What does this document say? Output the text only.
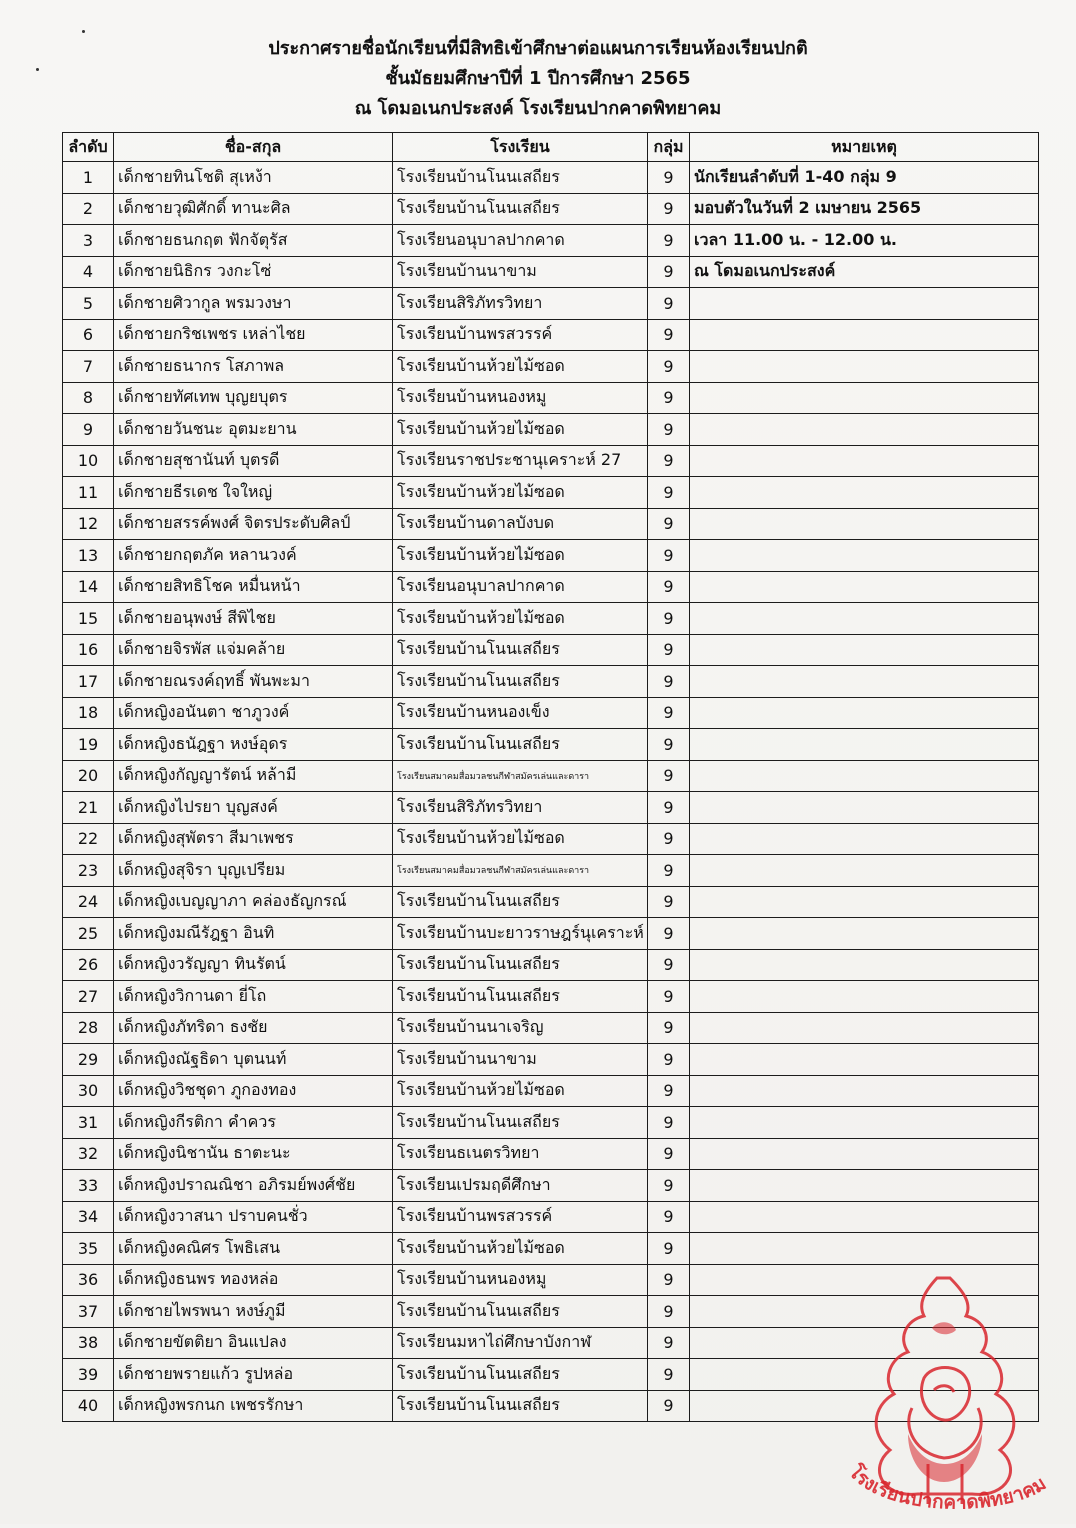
ประกาศรายชื่อนักเรียนที่มีสิทธิเข้าศึกษาต่อแผนการเรียนห้องเรียนปกติ
ชั้นมัธยมศึกษาปีที่ 1 ปีการศึกษา 2565
ณ โดมอเนกประสงค์ โรงเรียนปากคาดพิทยาคม
ลำดับ	ชื่อ-สกุล	โรงเรียน	กลุ่ม	หมายเหตุ
1	เด็กชายทินโชติ สุเหง้า	โรงเรียนบ้านโนนเสถียร	9	นักเรียนลำดับที่ 1-40 กลุ่ม 9
2	เด็กชายวุฒิศักดิ์ ทานะศิล	โรงเรียนบ้านโนนเสถียร	9	มอบตัวในวันที่ 2 เมษายน 2565
3	เด็กชายธนกฤต ฟักจัตุรัส	โรงเรียนอนุบาลปากคาด	9	เวลา 11.00 น. - 12.00 น.
4	เด็กชายนิธิกร วงกะโซ่	โรงเรียนบ้านนาขาม	9	ณ โดมอเนกประสงค์
5	เด็กชายศิวากูล พรมวงษา	โรงเรียนสิริภัทรวิทยา	9	
6	เด็กชายกริชเพชร เหล่าไชย	โรงเรียนบ้านพรสวรรค์	9	
7	เด็กชายธนากร โสภาพล	โรงเรียนบ้านห้วยไม้ซอด	9	
8	เด็กชายทัศเทพ บุญยบุตร	โรงเรียนบ้านหนองหมู	9	
9	เด็กชายวันชนะ อุตมะยาน	โรงเรียนบ้านห้วยไม้ซอด	9	
10	เด็กชายสุชานันท์ บุตรดี	โรงเรียนราชประชานุเคราะห์ 27	9	
11	เด็กชายธีรเดช ใจใหญ่	โรงเรียนบ้านห้วยไม้ซอด	9	
12	เด็กชายสรรค์พงศ์ จิตรประดับศิลป์	โรงเรียนบ้านดาลบังบด	9	
13	เด็กชายกฤตภัค หลานวงค์	โรงเรียนบ้านห้วยไม้ซอด	9	
14	เด็กชายสิทธิโชค หมื่นหน้า	โรงเรียนอนุบาลปากคาด	9	
15	เด็กชายอนุพงษ์ สีพิไชย	โรงเรียนบ้านห้วยไม้ซอด	9	
16	เด็กชายจิรพัส แจ่มคล้าย	โรงเรียนบ้านโนนเสถียร	9	
17	เด็กชายณรงค์ฤทธิ์ พันพะมา	โรงเรียนบ้านโนนเสถียร	9	
18	เด็กหญิงอนันตา ชาภูวงค์	โรงเรียนบ้านหนองเข็ง	9	
19	เด็กหญิงธนัฎฐา หงษ์อุดร	โรงเรียนบ้านโนนเสถียร	9	
20	เด็กหญิงกัญญารัตน์ หล้ามี	โรงเรียนสมาคมสื่อมวลชนกีฬาสมัครเล่นและดารา	9	
21	เด็กหญิงไปรยา บุญสงค์	โรงเรียนสิริภัทรวิทยา	9	
22	เด็กหญิงสุพัตรา สีมาเพชร	โรงเรียนบ้านห้วยไม้ซอด	9	
23	เด็กหญิงสุจิรา บุญเปรียม	โรงเรียนสมาคมสื่อมวลชนกีฬาสมัครเล่นและดารา	9	
24	เด็กหญิงเบญญาภา คล่องธัญกรณ์	โรงเรียนบ้านโนนเสถียร	9	
25	เด็กหญิงมณีรัฎฐา อินทิ	โรงเรียนบ้านบะยาวราษฎร์นุเคราะห์	9	
26	เด็กหญิงวรัญญา ทินรัตน์	โรงเรียนบ้านโนนเสถียร	9	
27	เด็กหญิงวิกานดา ยี่โถ	โรงเรียนบ้านโนนเสถียร	9	
28	เด็กหญิงภัทริดา ธงชัย	โรงเรียนบ้านนาเจริญ	9	
29	เด็กหญิงณัฐธิดา บุตนนท์	โรงเรียนบ้านนาขาม	9	
30	เด็กหญิงวิชชุดา ภูกองทอง	โรงเรียนบ้านห้วยไม้ซอด	9	
31	เด็กหญิงกีรติกา คำควร	โรงเรียนบ้านโนนเสถียร	9	
32	เด็กหญิงนิชานัน ธาตะนะ	โรงเรียนธเนตรวิทยา	9	
33	เด็กหญิงปราณณิชา อภิรมย์พงศ์ชัย	โรงเรียนเปรมฤดีศึกษา	9	
34	เด็กหญิงวาสนา ปราบคนชั่ว	โรงเรียนบ้านพรสวรรค์	9	
35	เด็กหญิงคณิศร โพธิเสน	โรงเรียนบ้านห้วยไม้ซอด	9	
36	เด็กหญิงธนพร ทองหล่อ	โรงเรียนบ้านหนองหมู	9	
37	เด็กชายไพรพนา หงษ์ภูมี	โรงเรียนบ้านโนนเสถียร	9	
38	เด็กชายขัตติยา อินแปลง	โรงเรียนมหาไถ่ศึกษาบังกาฬ	9	
39	เด็กชายพรายแก้ว รูปหล่อ	โรงเรียนบ้านโนนเสถียร	9	
40	เด็กหญิงพรกนก เพชรรักษา	โรงเรียนบ้านโนนเสถียร	9	
โรงเรียนปากคาดพิทยาคม
